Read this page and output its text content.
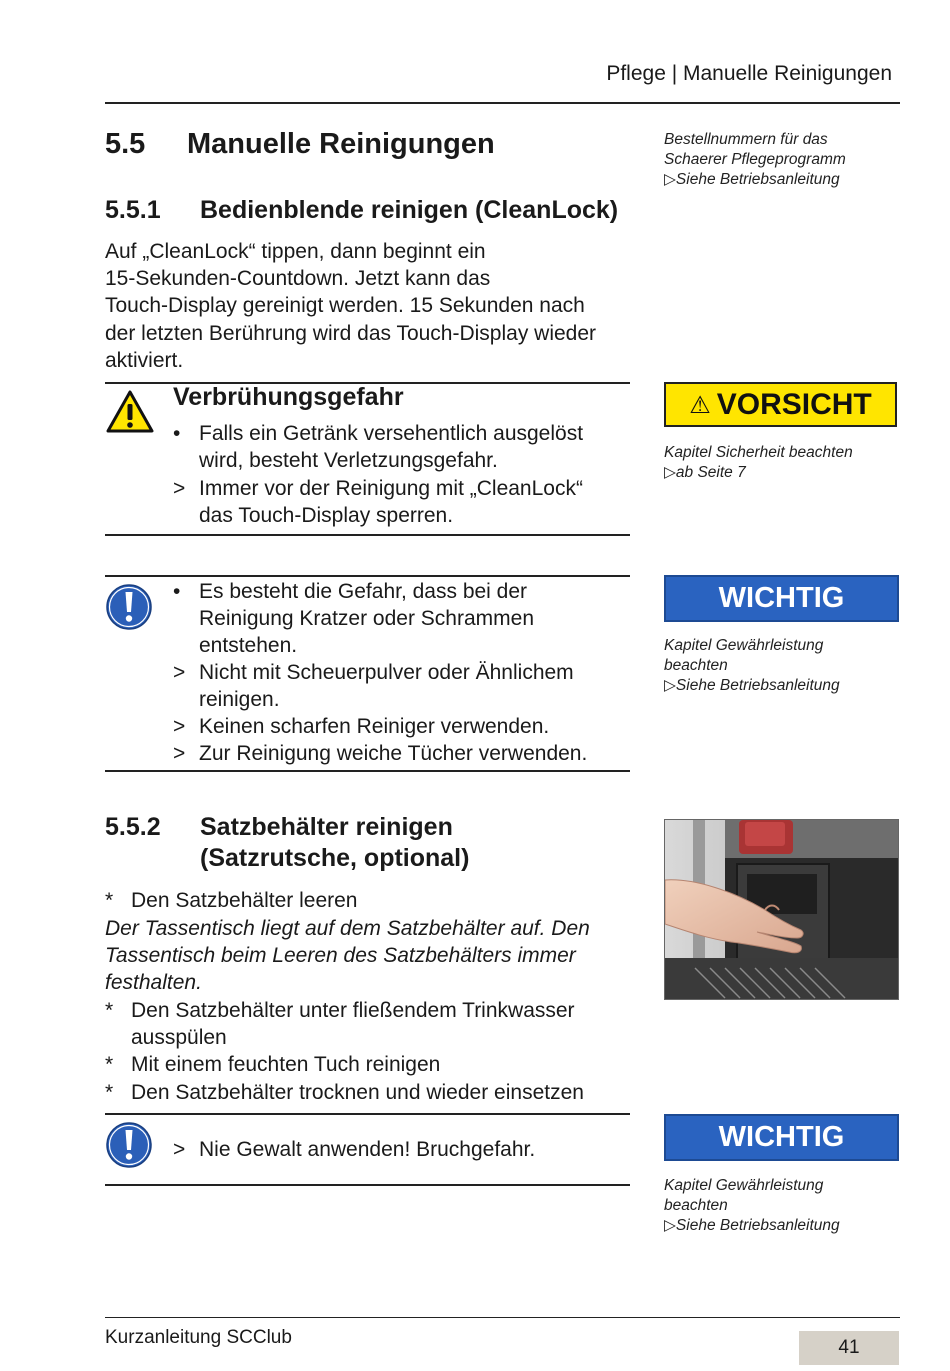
Pflege | Manuelle Reinigungen
5.5 Manuelle Reinigungen
5.5.1 Bedienblende reinigen (CleanLock)
Auf „CleanLock“ tippen, dann beginnt ein
15-Sekunden-Countdown. Jetzt kann das
Touch-Display gereinigt werden. 15 Sekunden nach
der letzten Berührung wird das Touch-Display wieder
aktiviert.
Verbrühungsgefahr

•

Falls ein Getränk versehentlich ausgelöst
wird, besteht Verletzungsgefahr.

>

Immer vor der Reinigung mit „CleanLock“
das Touch-Display sperren.

•

Es besteht die Gefahr, dass bei der
Reinigung Kratzer oder Schrammen
entstehen.

>

Nicht mit Scheuerpulver oder Ähnlichem
reinigen.

>

Keinen scharfen Reiniger verwenden.

>

Zur Reinigung weiche Tücher verwenden.

5.5.2 Satzbehälter reinigen
(Satzrutsche, optional)

*

Den Satzbehälter leeren

Der Tassentisch liegt auf dem Satzbehälter auf. Den
Tassentisch beim Leeren des Satzbehälters immer
festhalten.

*

Den Satzbehälter unter fließendem Trinkwasser
ausspülen

*

Mit einem feuchten Tuch reinigen

*

Den Satzbehälter trocknen und wieder einsetzen

>

Nie Gewalt anwenden! Bruchgefahr.

Bestellnummern für das
Schaerer Pflegeprogramm
▷Siehe Betriebsanleitung
⚠ VORSICHT
Kapitel Sicherheit beachten
▷ab Seite 7
WICHTIG
Kapitel Gewährleistung
beachten
▷Siehe Betriebsanleitung
WICHTIG
Kapitel Gewährleistung
beachten
▷Siehe Betriebsanleitung
Kurzanleitung SCClub	41
